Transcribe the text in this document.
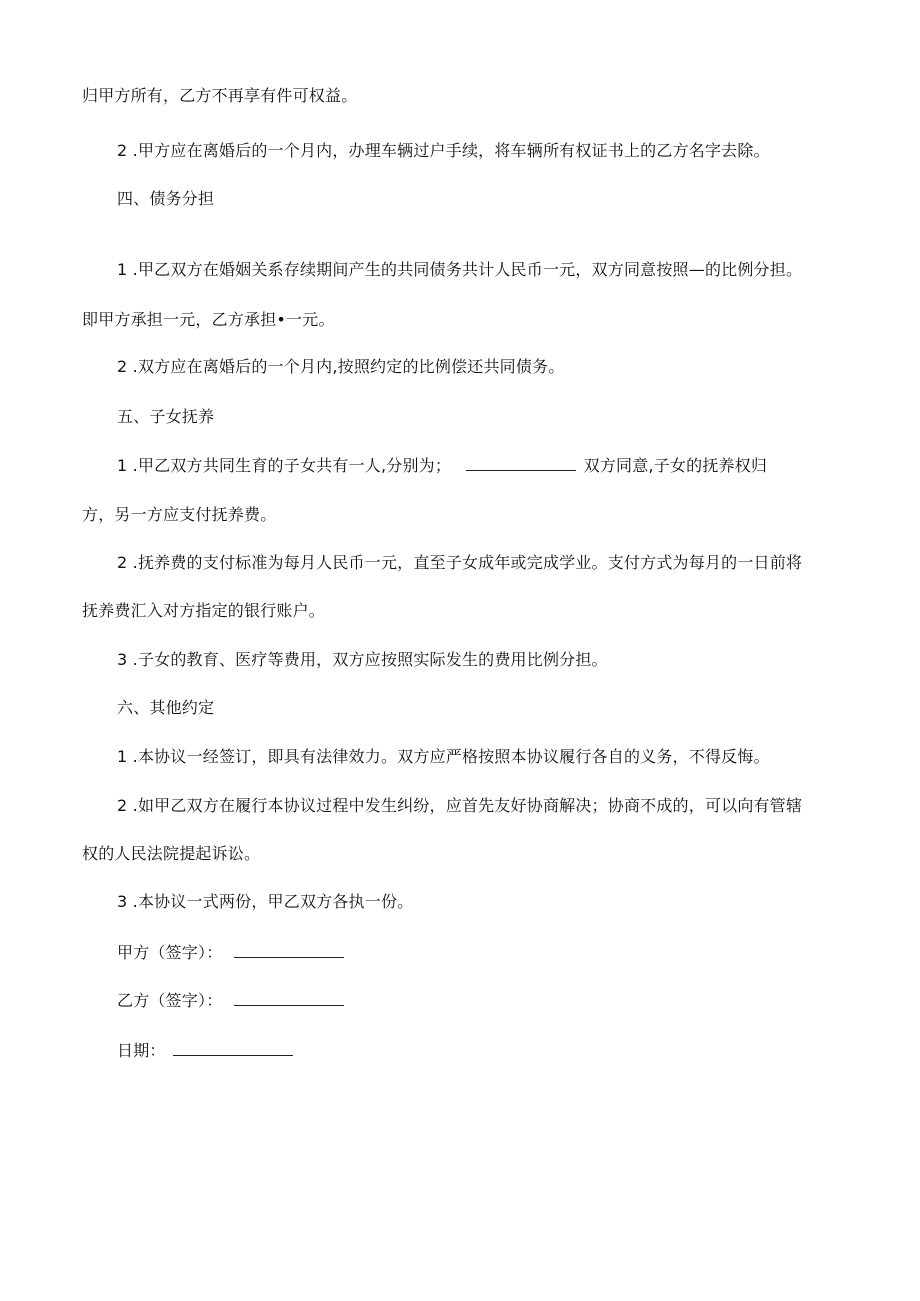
归甲方所有，乙方不再享有件可权益。
2 .甲方应在离婚后的一个月内，办理车辆过户手续，将车辆所有权证书上的乙方名字去除。
四、债务分担
1 .甲乙双方在婚姻关系存续期间产生的共同债务共计人民币一元，双方同意按照—的比例分担。
即甲方承担一元，乙方承担•一元。
2 .双方应在离婚后的一个月内,按照约定的比例偿还共同债务。
五、子女抚养
1 .甲乙双方共同生育的子女共有一人,分别为；	双方同意,子女的抚养权归
方，另一方应支付抚养费。
2 .抚养费的支付标准为每月人民币一元，直至子女成年或完成学业。支付方式为每月的一日前将
抚养费汇入对方指定的银行账户。
3 .子女的教育、医疗等费用，双方应按照实际发生的费用比例分担。
六、其他约定
1 .本协议一经签订，即具有法律效力。双方应严格按照本协议履行各自的义务，不得反悔。
2 .如甲乙双方在履行本协议过程中发生纠纷，应首先友好协商解决；协商不成的，可以向有管辖
权的人民法院提起诉讼。
3 .本协议一式两份，甲乙双方各执一份。
甲方（签字）：
乙方（签字）：
日期：
